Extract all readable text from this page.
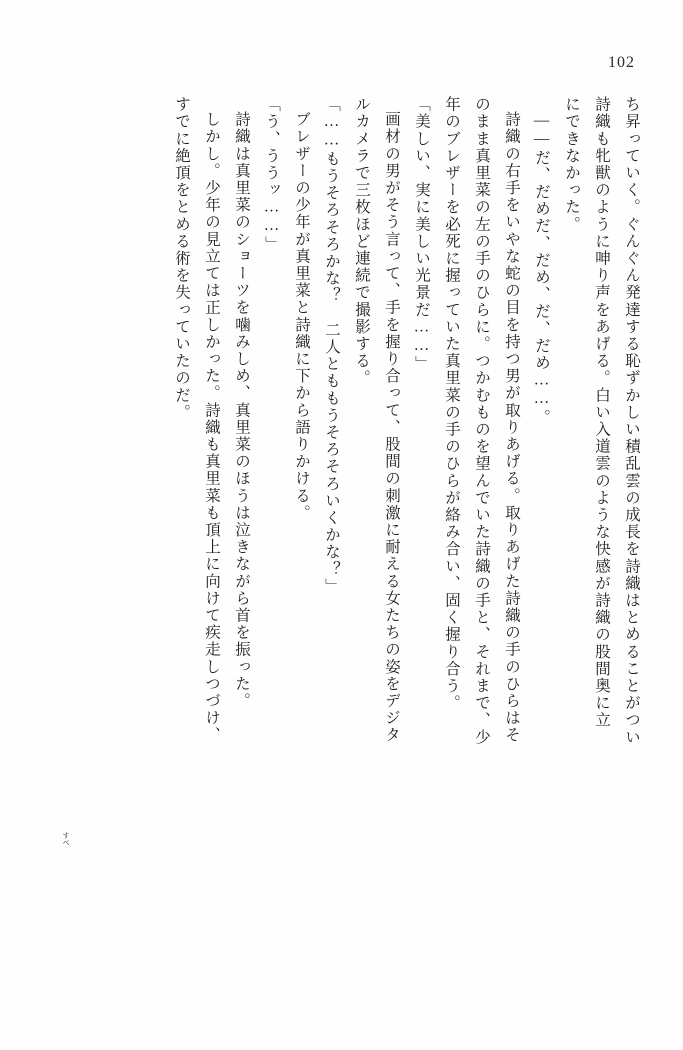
102
ち昇っていく。ぐんぐん発達する恥ずかしい積乱雲の成長を詩織はとめることがつい
詩織も牝獣のように呻り声をあげる。白い入道雲のような快感が詩織の股間奥に立
にできなかった。
——だ、だめだ、だめ、だ、だめ……。
詩織の右手をいやな蛇の目を持つ男が取りあげる。取りあげた詩織の手のひらはそ
のまま真里菜の左の手のひらに。つかむものを望んでいた詩織の手と、それまで、少
年のブレザーを必死に握っていた真里菜の手のひらが絡み合い、固く握り合う。
「美しい、実に美しい光景だ……」
画材の男がそう言って、手を握り合って、股間の刺激に耐える女たちの姿をデジタ
ルカメラで三枚ほど連続で撮影する。
「……もうそろそろかな？　二人とももうそろそろいくかな？」
ブレザーの少年が真里菜と詩織に下から語りかける。
「う、ううッ……」
詩織は真里菜のショーツを噛みしめ、真里菜のほうは泣きながら首を振った。
しかし。少年の見立ては正しかった。詩織も真里菜も頂上に向けて疾走しつづけ、
すでに絶頂をとめる術を失っていたのだ。
すべ
